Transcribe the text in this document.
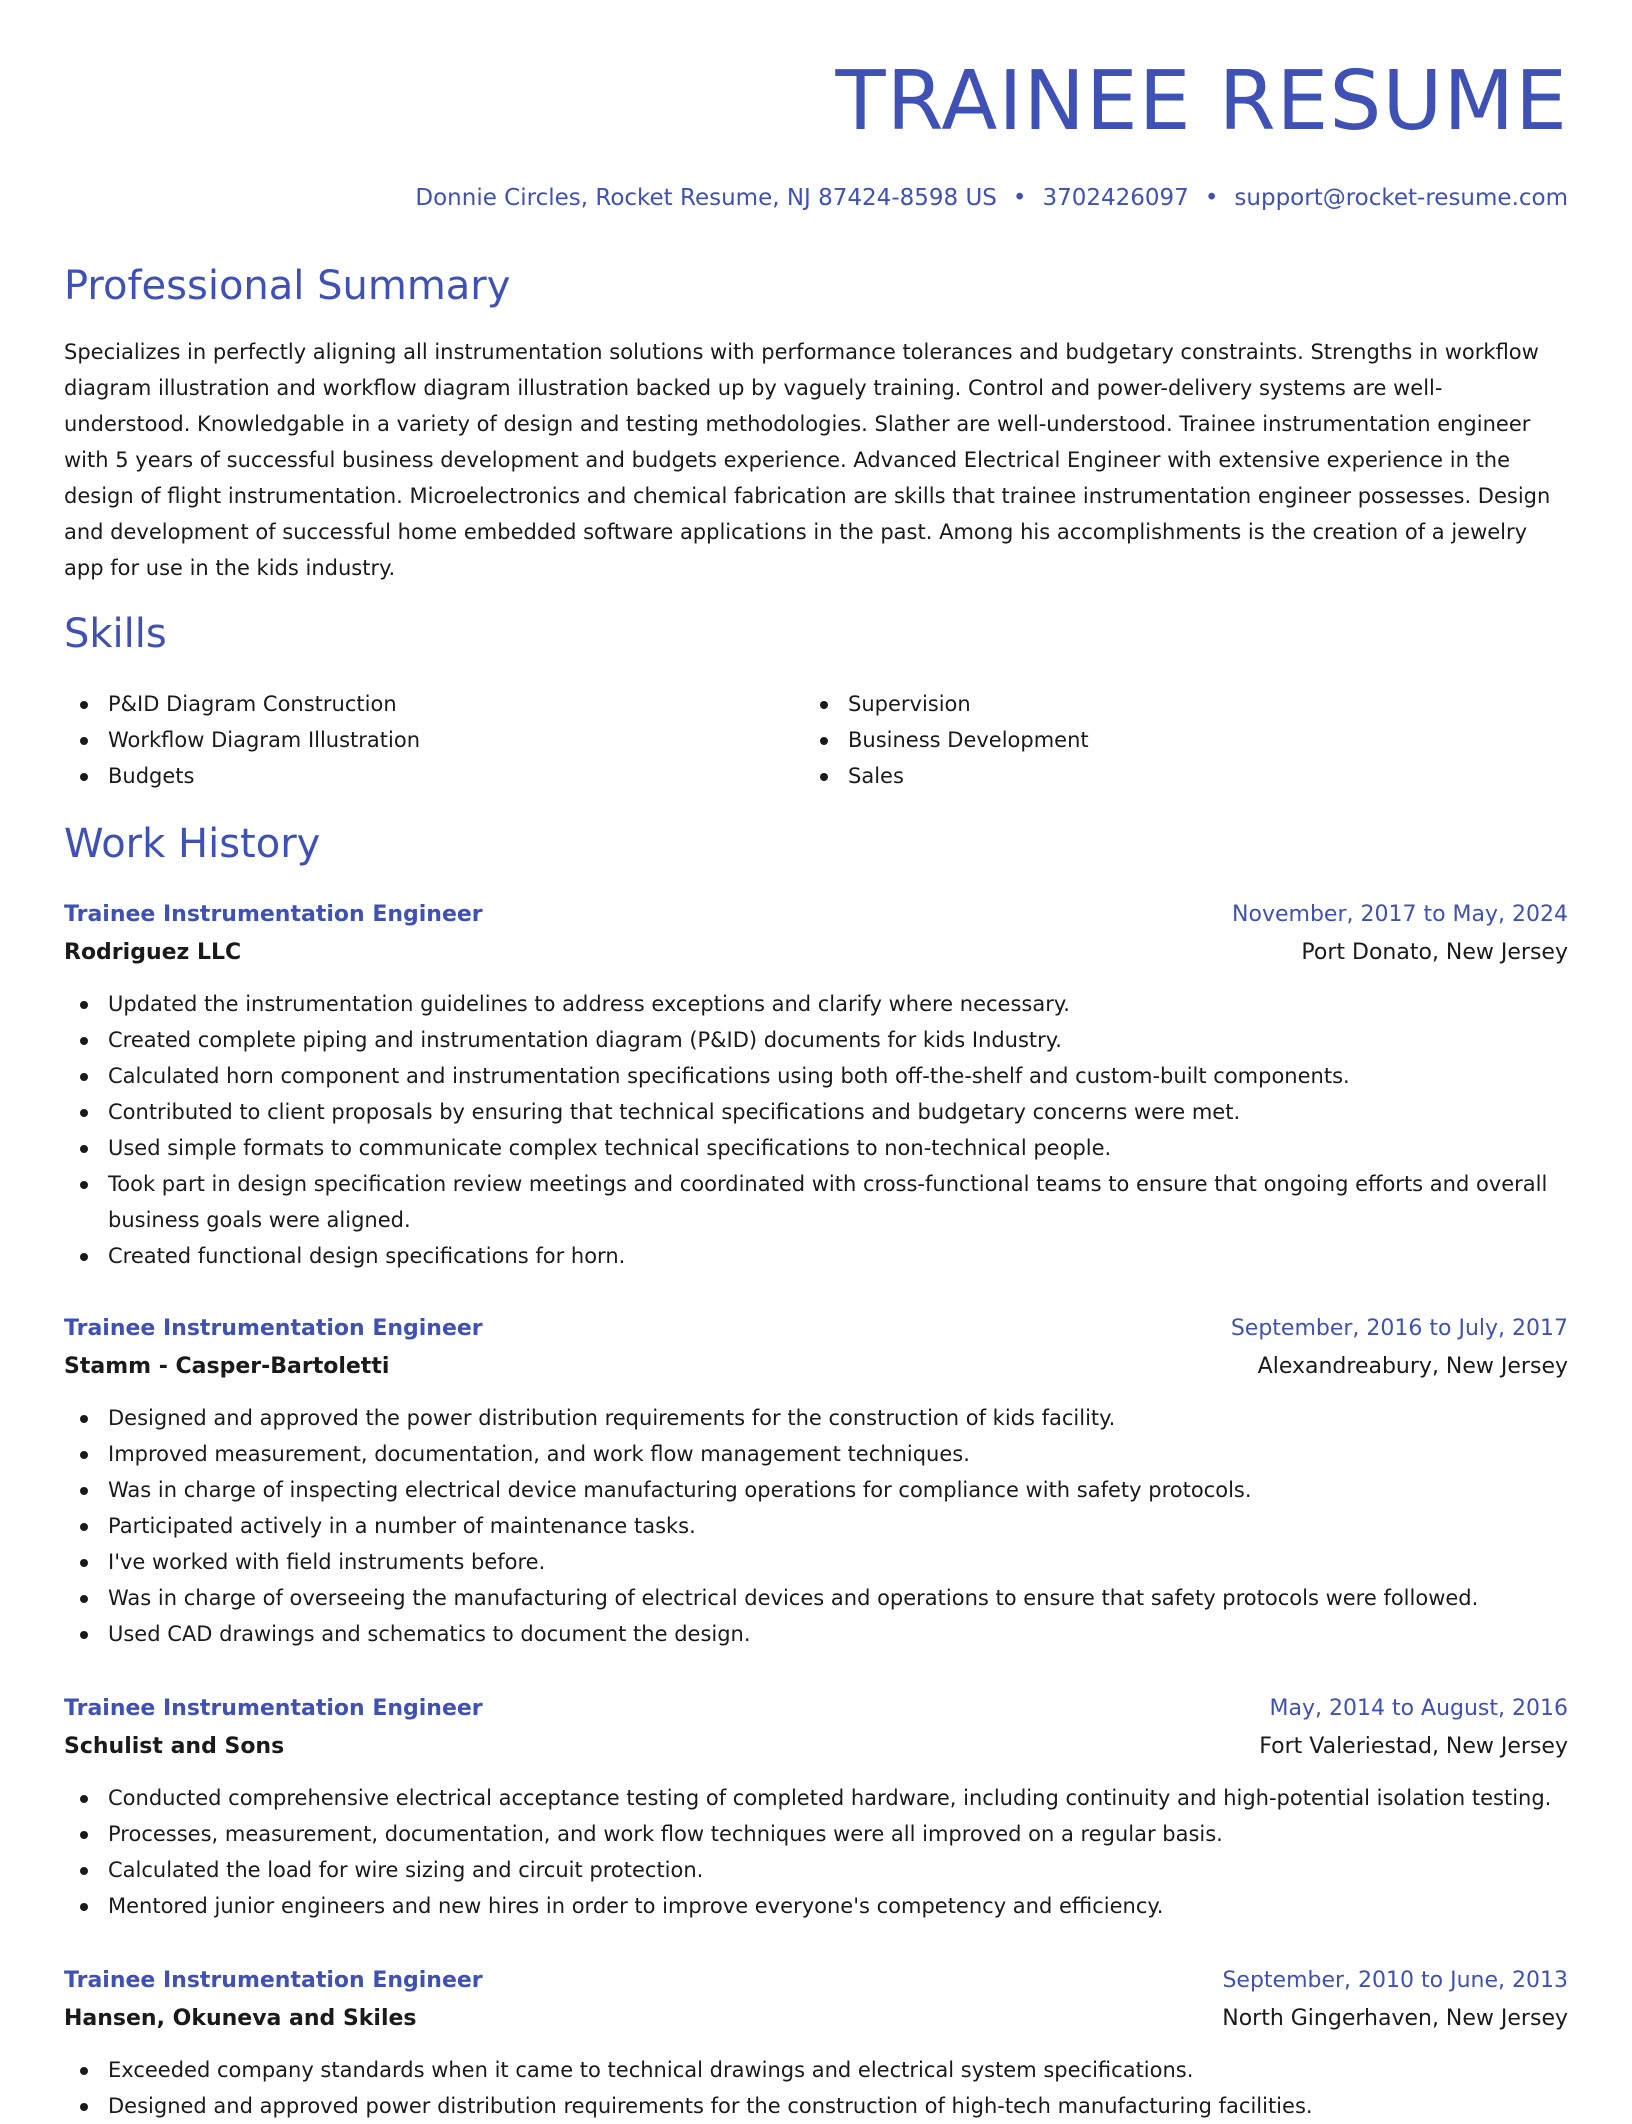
TRAINEE RESUME
Donnie Circles, Rocket Resume, NJ 87424-8598 US • 3702426097 • support@rocket-resume.com
Professional Summary

Specializes in perfectly aligning all instrumentation solutions with performance tolerances and budgetary constraints. Strengths in workflow diagram illustration and workflow diagram illustration backed up by vaguely training. Control and power-delivery systems are well-understood. Knowledgable in a variety of design and testing methodologies. Slather are well-understood. Trainee instrumentation engineer with 5 years of successful business development and budgets experience. Advanced Electrical Engineer with extensive experience in the design of flight instrumentation. Microelectronics and chemical fabrication are skills that trainee instrumentation engineer possesses. Design and development of successful home embedded software applications in the past. Among his accomplishments is the creation of a jewelry app for use in the kids industry.

Skills
P&ID Diagram Construction
Workflow Diagram Illustration
Budgets
Supervision
Business Development
Sales
Work History
Trainee Instrumentation Engineer	November, 2017 to May, 2024
Rodriguez LLC	Port Donato, New Jersey
Updated the instrumentation guidelines to address exceptions and clarify where necessary.
Created complete piping and instrumentation diagram (P&ID) documents for kids Industry.
Calculated horn component and instrumentation specifications using both off-the-shelf and custom-built components.
Contributed to client proposals by ensuring that technical specifications and budgetary concerns were met.
Used simple formats to communicate complex technical specifications to non-technical people.
Took part in design specification review meetings and coordinated with cross-functional teams to ensure that ongoing efforts and overall business goals were aligned.
Created functional design specifications for horn.
Trainee Instrumentation Engineer	September, 2016 to July, 2017
Stamm - Casper-Bartoletti	Alexandreabury, New Jersey
Designed and approved the power distribution requirements for the construction of kids facility.
Improved measurement, documentation, and work flow management techniques.
Was in charge of inspecting electrical device manufacturing operations for compliance with safety protocols.
Participated actively in a number of maintenance tasks.
I've worked with field instruments before.
Was in charge of overseeing the manufacturing of electrical devices and operations to ensure that safety protocols were followed.
Used CAD drawings and schematics to document the design.
Trainee Instrumentation Engineer	May, 2014 to August, 2016
Schulist and Sons	Fort Valeriestad, New Jersey
Conducted comprehensive electrical acceptance testing of completed hardware, including continuity and high-potential isolation testing.
Processes, measurement, documentation, and work flow techniques were all improved on a regular basis.
Calculated the load for wire sizing and circuit protection.
Mentored junior engineers and new hires in order to improve everyone's competency and efficiency.
Trainee Instrumentation Engineer	September, 2010 to June, 2013
Hansen, Okuneva and Skiles	North Gingerhaven, New Jersey
Exceeded company standards when it came to technical drawings and electrical system specifications.
Designed and approved power distribution requirements for the construction of high-tech manufacturing facilities.
